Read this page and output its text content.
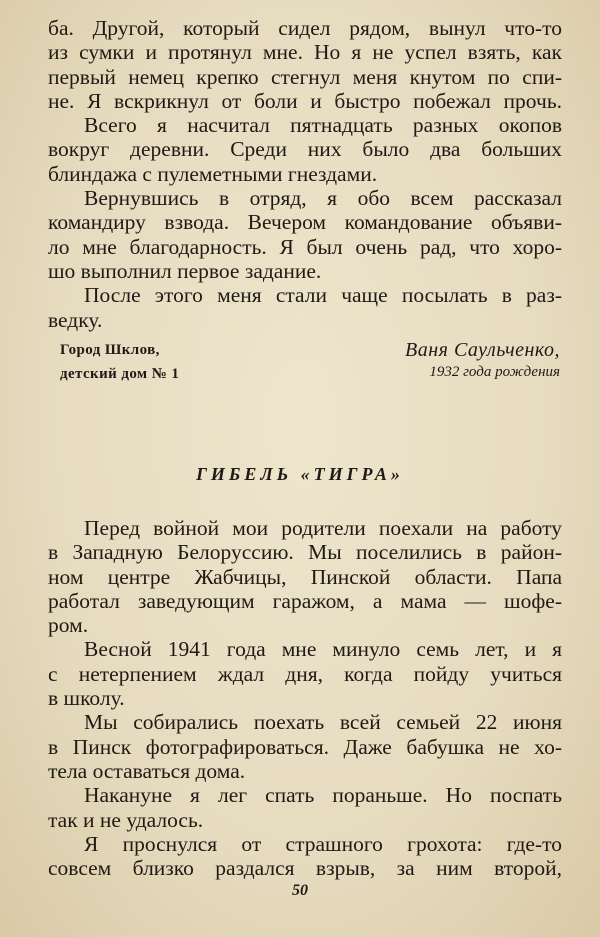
ба. Другой, который сидел рядом, вынул что-то
из сумки и протянул мне. Но я не успел взять, как
первый немец крепко стегнул меня кнутом по спи-
не. Я вскрикнул от боли и быстро побежал прочь.
Всего я насчитал пятнадцать разных окопов
вокруг деревни. Среди них было два больших
блиндажа с пулеметными гнездами.
Вернувшись в отряд, я обо всем рассказал
командиру взвода. Вечером командование объяви-
ло мне благодарность. Я был очень рад, что хоро-
шо выполнил первое задание.
После этого меня стали чаще посылать в раз-
ведку.
Город Шклов,
детский дом № 1
Ваня Саульченко,
1932 года рождения
ГИБЕЛЬ «ТИГРА»
Перед войной мои родители поехали на работу
в Западную Белоруссию. Мы поселились в район-
ном центре Жабчицы, Пинской области. Папа
работал заведующим гаражом, а мама — шофе-
ром.
Весной 1941 года мне минуло семь лет, и я
с нетерпением ждал дня, когда пойду учиться
в школу.
Мы собирались поехать всей семьей 22 июня
в Пинск фотографироваться. Даже бабушка не хо-
тела оставаться дома.
Накануне я лег спать пораньше. Но поспать
так и не удалось.
Я проснулся от страшного грохота: где-то
совсем близко раздался взрыв, за ним второй,
50
